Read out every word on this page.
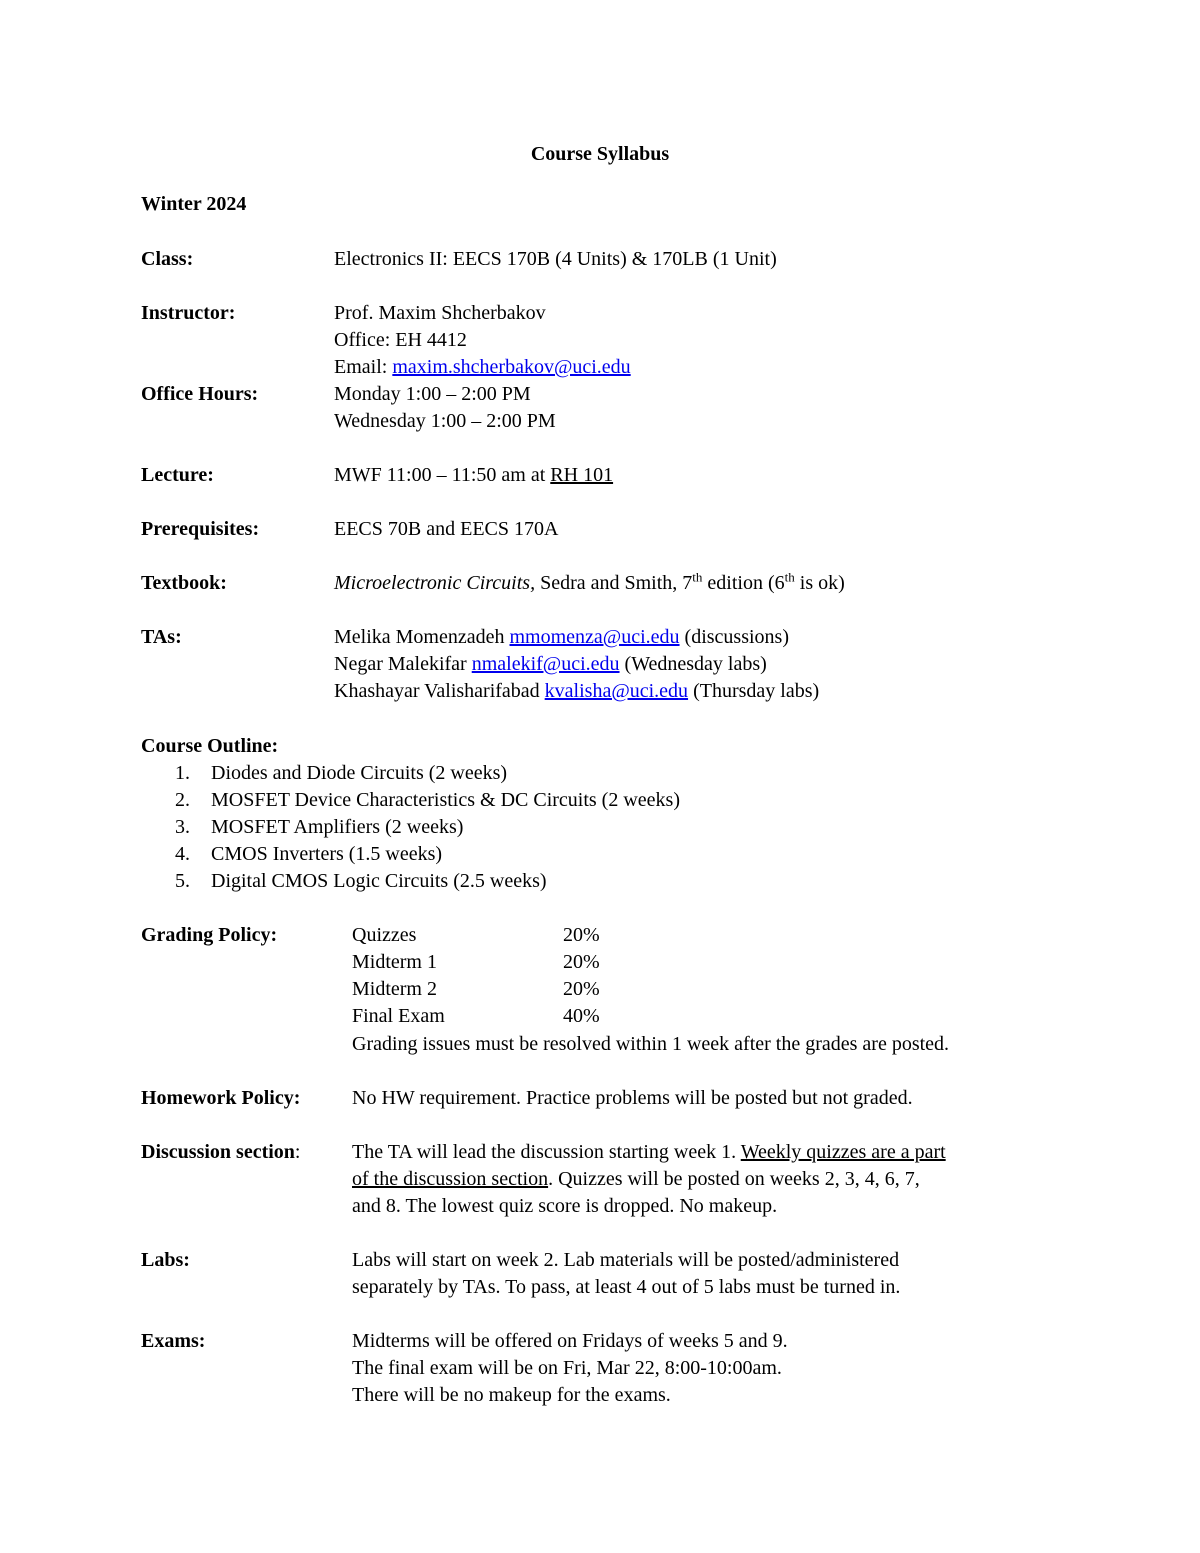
Course Syllabus
Winter 2024
Class:	Electronics II: EECS 170B (4 Units) & 170LB (1 Unit)
Instructor:	Prof. Maxim Shcherbakov
Office: EH 4412
Email: maxim.shcherbakov@uci.edu
Office Hours:	Monday 1:00 – 2:00 PM
Wednesday 1:00 – 2:00 PM
Lecture:	MWF 11:00 – 11:50 am at RH 101
Prerequisites:	EECS 70B and EECS 170A
Textbook:	Microelectronic Circuits, Sedra and Smith, 7th edition (6th is ok)
TAs:	Melika Momenzadeh mmomenza@uci.edu (discussions)
Negar Malekifar nmalekif@uci.edu (Wednesday labs)
Khashayar Valisharifabad kvalisha@uci.edu (Thursday labs)
Course Outline:
1. Diodes and Diode Circuits (2 weeks)
2. MOSFET Device Characteristics & DC Circuits (2 weeks)
3. MOSFET Amplifiers (2 weeks)
4. CMOS Inverters (1.5 weeks)
5. Digital CMOS Logic Circuits (2.5 weeks)
Grading Policy:	Quizzes	20%
Midterm 1	20%
Midterm 2	20%
Final Exam	40%
Grading issues must be resolved within 1 week after the grades are posted.
Homework Policy:	No HW requirement. Practice problems will be posted but not graded.
Discussion section:	The TA will lead the discussion starting week 1. Weekly quizzes are a part
of the discussion section. Quizzes will be posted on weeks 2, 3, 4, 6, 7,
and 8. The lowest quiz score is dropped. No makeup.
Labs:	Labs will start on week 2. Lab materials will be posted/administered
separately by TAs. To pass, at least 4 out of 5 labs must be turned in.
Exams:	Midterms will be offered on Fridays of weeks 5 and 9.
The final exam will be on Fri, Mar 22, 8:00-10:00am.
There will be no makeup for the exams.
